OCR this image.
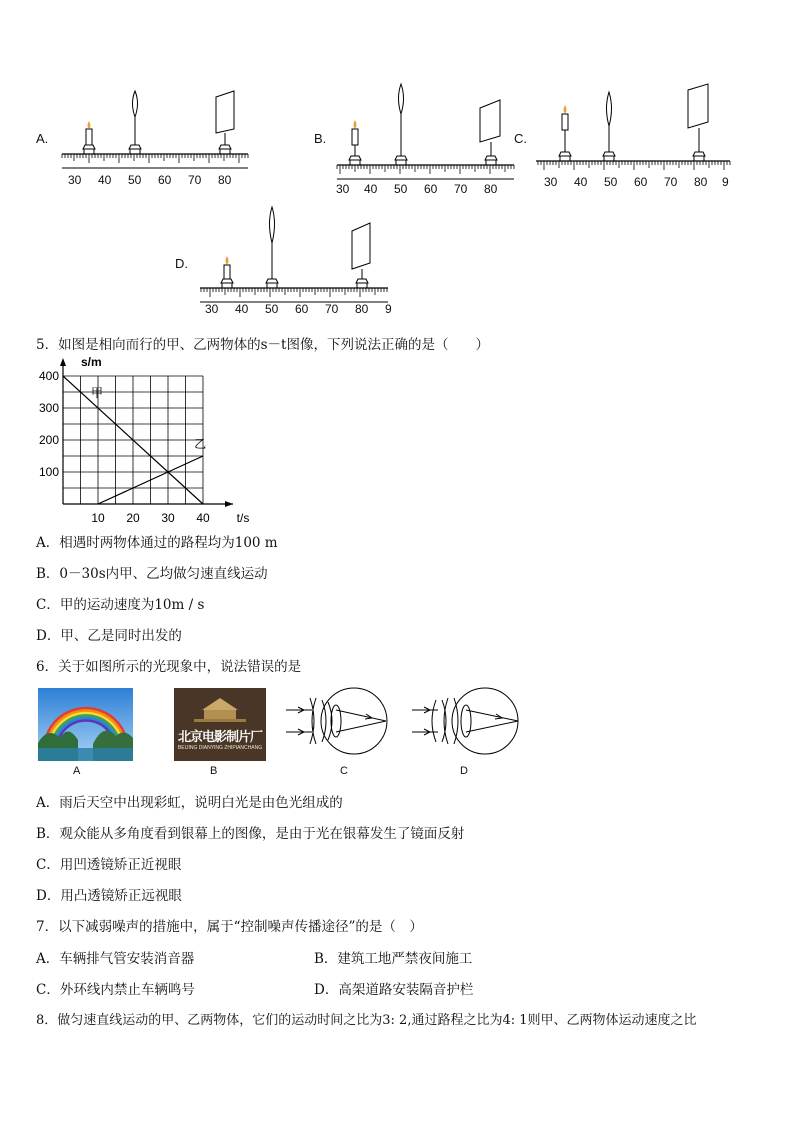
A.
30 40 50 60 70 80
B.
30 40 50 60 70 80
C.
30 40 50 60 70 80 9
D.
30 40 50 60 70 80 9
5．如图是相向而行的甲、乙两物体的s－t图像，下列说法正确的是（　　）
10 20 30 40
100
200
300
400
t/s
s/m
甲
乙
A．相遇时两物体通过的路程均为100 m
B．0－30s内甲、乙均做匀速直线运动
C．甲的运动速度为10m / s
D．甲、乙是同时出发的
6．关于如图所示的光现象中，说法错误的是
A
北京电影制片厂
BEIJING DIANYING ZHIPIANCHANG
B	C	D
A．雨后天空中出现彩虹，说明白光是由色光组成的
B．观众能从多角度看到银幕上的图像，是由于光在银幕发生了镜面反射
C．用凹透镜矫正近视眼
D．用凸透镜矫正远视眼
7．以下减弱噪声的措施中，属于“控制噪声传播途径”的是（　）
A．车辆排气管安装消音器	B．建筑工地严禁夜间施工
C．外环线内禁止车辆鸣号	D．高架道路安装隔音护栏
8．做匀速直线运动的甲、乙两物体，它们的运动时间之比为3: 2,通过路程之比为4: 1则甲、乙两物体运动速度之比
